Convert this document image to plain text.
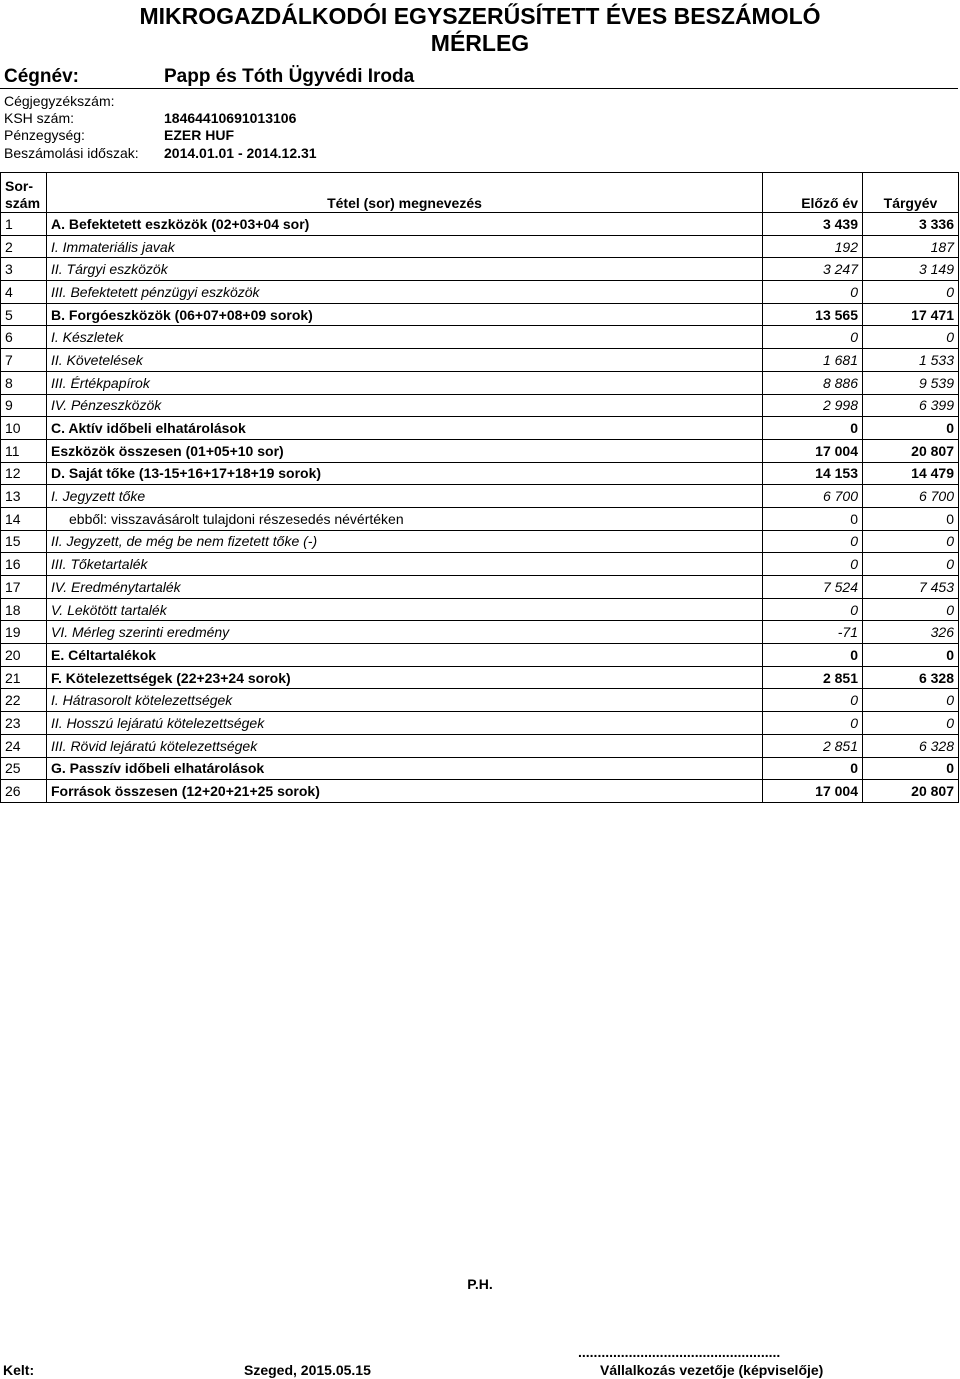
MIKROGAZDÁLKODÓI EGYSZERŰSÍTETT ÉVES BESZÁMOLÓ
MÉRLEG
Cégnév:	Papp és Tóth Ügyvédi Iroda
Cégjegyzékszám:
KSH szám:	18464410691013106
Pénzegység:	EZER HUF
Beszámolási időszak: 2014.01.01 - 2014.12.31
Sor-
szám	Tétel (sor) megnevezés	Előző év	Tárgyév
1	A. Befektetett eszközök (02+03+04 sor)	3 439	3 336
2	I. Immateriális javak	192	187
3	II. Tárgyi eszközök	3 247	3 149
4	III. Befektetett pénzügyi eszközök	0	0
5	B. Forgóeszközök (06+07+08+09 sorok)	13 565	17 471
6	I. Készletek	0	0
7	II. Követelések	1 681	1 533
8	III. Értékpapírok	8 886	9 539
9	IV. Pénzeszközök	2 998	6 399
10	C. Aktív időbeli elhatárolások	0	0
11	Eszközök összesen (01+05+10 sor)	17 004	20 807
12	D. Saját tőke (13-15+16+17+18+19 sorok)	14 153	14 479
13	I. Jegyzett tőke	6 700	6 700
14	ebből: visszavásárolt tulajdoni részesedés névértéken	0	0
15	II. Jegyzett, de még be nem fizetett tőke (-)	0	0
16	III. Tőketartalék	0	0
17	IV. Eredménytartalék	7 524	7 453
18	V. Lekötött tartalék	0	0
19	VI. Mérleg szerinti eredmény	-71	326
20	E. Céltartalékok	0	0
21	F. Kötelezettségek (22+23+24 sorok)	2 851	6 328
22	I. Hátrasorolt kötelezettségek	0	0
23	II. Hosszú lejáratú kötelezettségek	0	0
24	III. Rövid lejáratú kötelezettségek	2 851	6 328
25	G. Passzív időbeli elhatárolások	0	0
26	Források összesen (12+20+21+25 sorok)	17 004	20 807
P.H.
Kelt:	Szeged, 2015.05.15
....................................................
Vállalkozás vezetője (képviselője)
